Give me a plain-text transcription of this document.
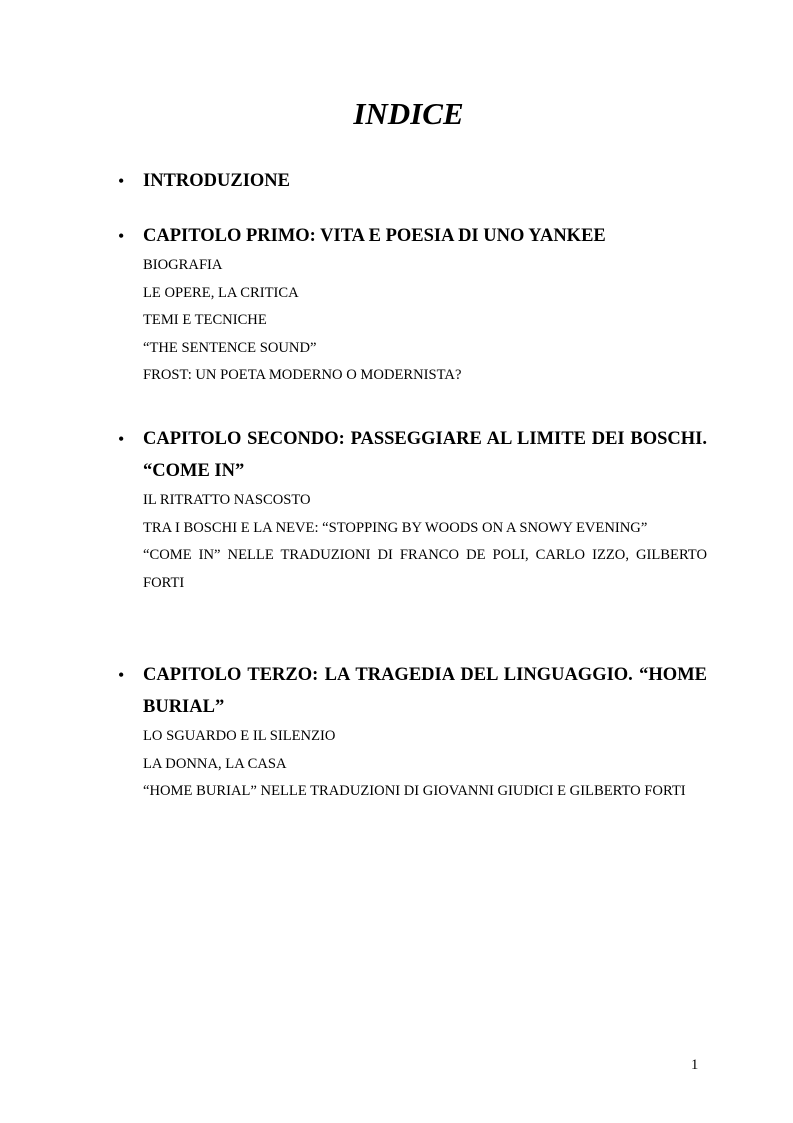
INDICE
• INTRODUZIONE

• CAPITOLO PRIMO: VITA E POESIA DI UNO YANKEE

BIOGRAFIA
LE OPERE, LA CRITICA
TEMI E TECNICHE
“THE SENTENCE SOUND”
FROST: UN POETA MODERNO O MODERNISTA?
• CAPITOLO SECONDO: PASSEGGIARE AL LIMITE DEI BOSCHI. “COME IN”

IL RITRATTO NASCOSTO
TRA I BOSCHI E LA NEVE: “STOPPING BY WOODS ON A SNOWY EVENING”
“COME IN” NELLE TRADUZIONI DI FRANCO DE POLI, CARLO IZZO, GILBERTO FORTI
• CAPITOLO TERZO: LA TRAGEDIA DEL LINGUAGGIO. “HOME BURIAL”

LO SGUARDO E IL SILENZIO
LA DONNA, LA CASA
“HOME BURIAL” NELLE TRADUZIONI DI GIOVANNI GIUDICI E GILBERTO FORTI
1
